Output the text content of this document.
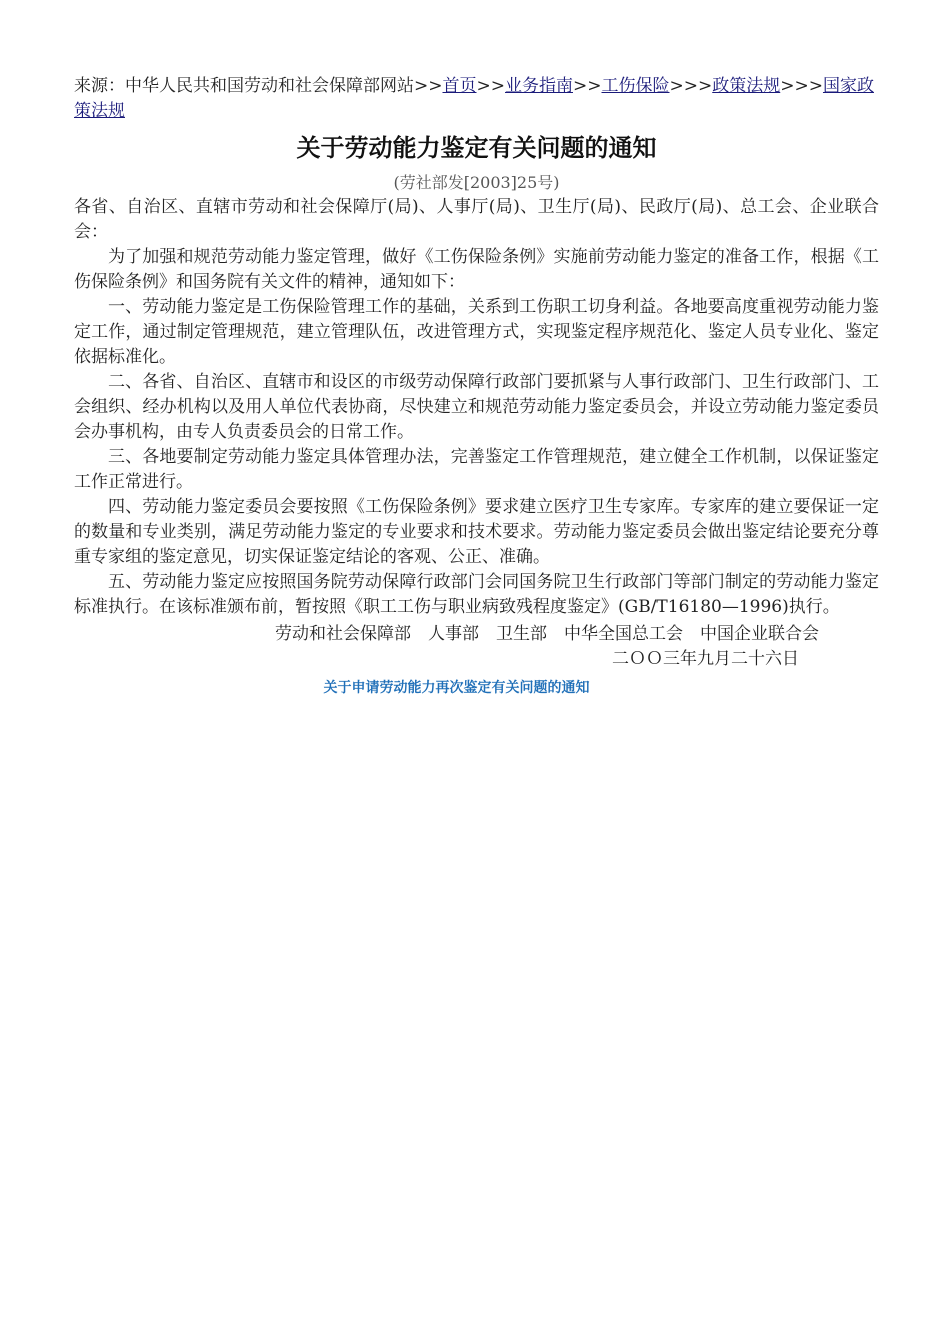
来源：中华人民共和国劳动和社会保障部网站>>首页>>业务指南>>工伤保险>>>政策法规>>>国家政策法规
关于劳动能力鉴定有关问题的通知
(劳社部发[2003]25号)

各省、自治区、直辖市劳动和社会保障厅(局)、人事厅(局)、卫生厅(局)、民政厅(局)、总工会、企业联合会：

为了加强和规范劳动能力鉴定管理，做好《工伤保险条例》实施前劳动能力鉴定的准备工作，根据《工伤保险条例》和国务院有关文件的精神，通知如下：

一、劳动能力鉴定是工伤保险管理工作的基础，关系到工伤职工切身利益。各地要高度重视劳动能力鉴定工作，通过制定管理规范，建立管理队伍，改进管理方式，实现鉴定程序规范化、鉴定人员专业化、鉴定依据标准化。

二、各省、自治区、直辖市和设区的市级劳动保障行政部门要抓紧与人事行政部门、卫生行政部门、工会组织、经办机构以及用人单位代表协商，尽快建立和规范劳动能力鉴定委员会，并设立劳动能力鉴定委员会办事机构，由专人负责委员会的日常工作。

三、各地要制定劳动能力鉴定具体管理办法，完善鉴定工作管理规范，建立健全工作机制，以保证鉴定工作正常进行。

四、劳动能力鉴定委员会要按照《工伤保险条例》要求建立医疗卫生专家库。专家库的建立要保证一定的数量和专业类别，满足劳动能力鉴定的专业要求和技术要求。劳动能力鉴定委员会做出鉴定结论要充分尊重专家组的鉴定意见，切实保证鉴定结论的客观、公正、准确。

五、劳动能力鉴定应按照国务院劳动保障行政部门会同国务院卫生行政部门等部门制定的劳动能力鉴定标准执行。在该标准颁布前，暂按照《职工工伤与职业病致残程度鉴定》(GB/T16180—1996)执行。

劳动和社会保障部　人事部　卫生部　中华全国总工会　中国企业联合会
二ＯＯ三年九月二十六日
关于申请劳动能力再次鉴定有关问题的通知
